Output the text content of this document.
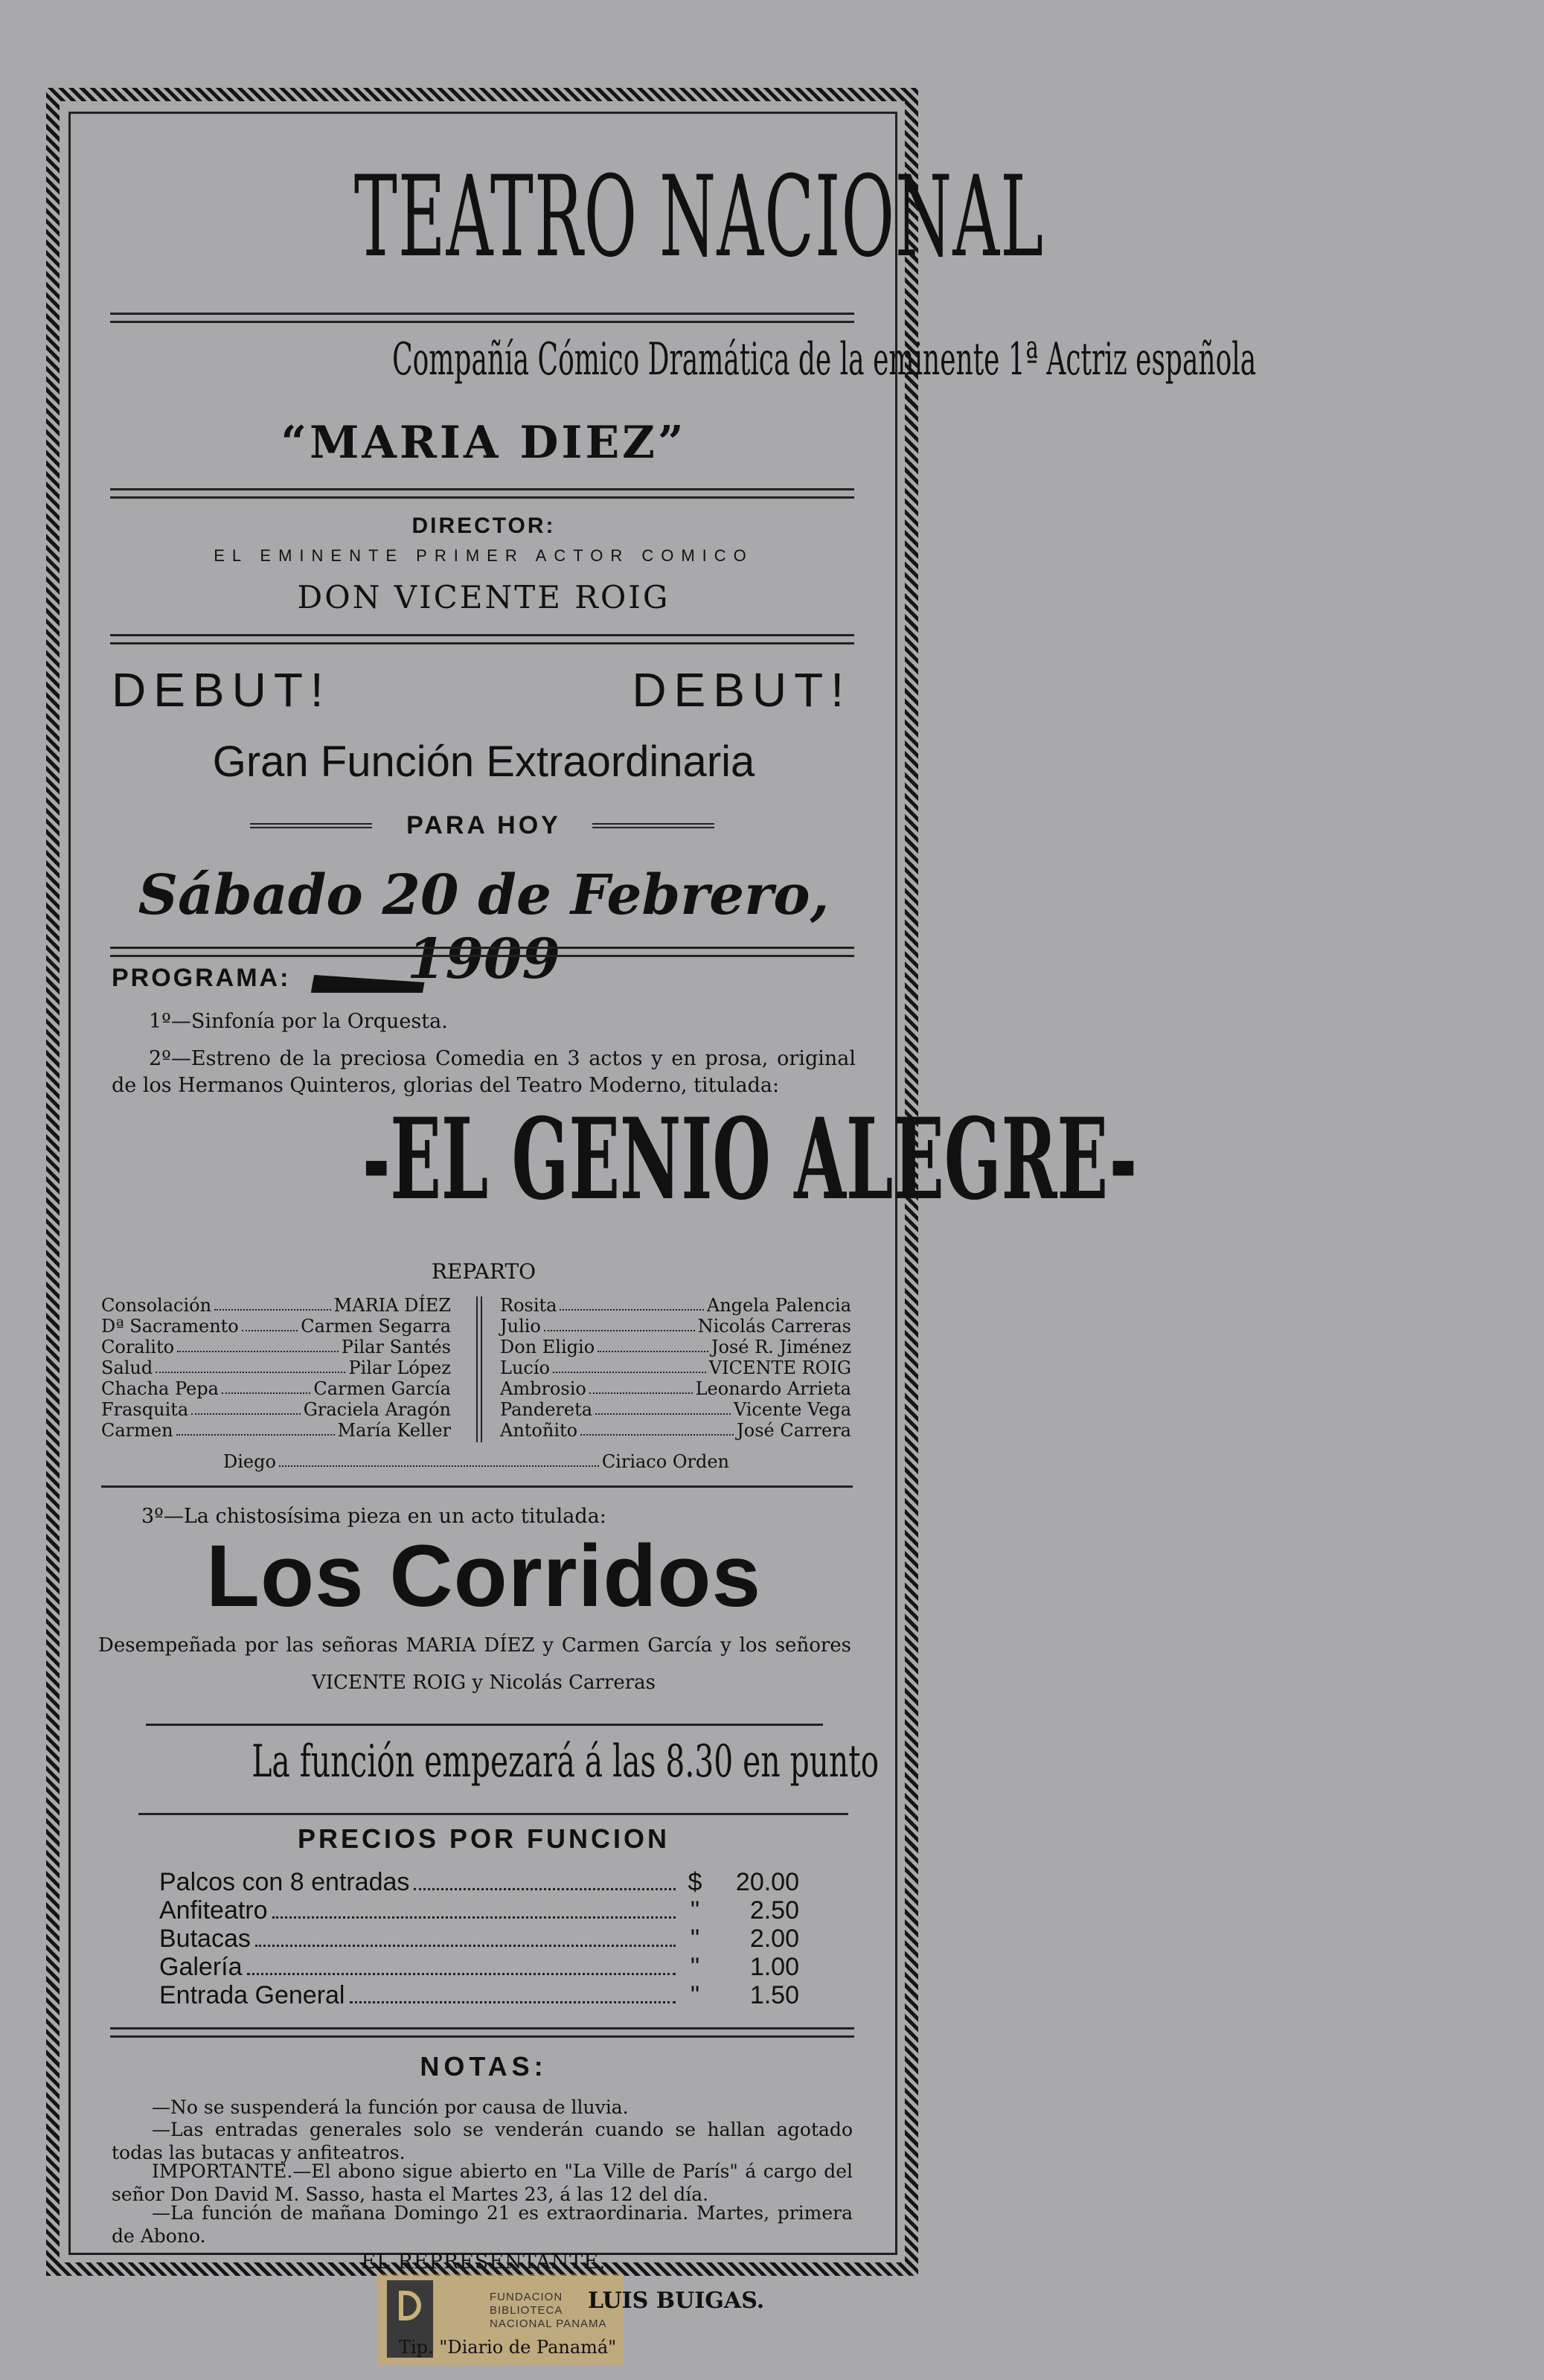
TEATRO NACIONAL
Compañía Cómico Dramática de la eminente 1ª Actriz española
“MARIA DIEZ”
DIRECTOR:
EL EMINENTE PRIMER ACTOR COMICO
DON VICENTE ROIG
DEBUT!	DEBUT!
Gran Función Extraordinaria
PARA HOY
Sábado 20 de Febrero, 1909
PROGRAMA:
1º—Sinfonía por la Orquesta.
2º—Estreno de la preciosa Comedia en 3 actos y en prosa, original de los Hermanos Quinteros, glorias del Teatro Moderno, titulada:
-EL GENIO ALEGRE-
REPARTO
Consolación	MARIA DÍEZ
Dª Sacramento	Carmen Segarra
Coralito	Pilar Santés
Salud	Pilar López
Chacha Pepa	Carmen García
Frasquita	Graciela Aragón
Carmen	María Keller
Rosita	Angela Palencia
Julio	Nicolás Carreras
Don Eligio	José R. Jiménez
Lucío	VICENTE ROIG
Ambrosio	Leonardo Arrieta
Pandereta	Vicente Vega
Antoñito	José Carrera
Diego	Ciriaco Orden
3º—La chistosísima pieza en un acto titulada:
Los Corridos
Desempeñada por las señoras MARIA DÍEZ y Carmen García y los señores
VICENTE ROIG y Nicolás Carreras
La función empezará á las 8.30 en punto
PRECIOS POR FUNCION
Palcos con 8 entradas	$	20.00
Anfiteatro	"	2.50
Butacas	"	2.00
Galería	"	1.00
Entrada General	"	1.50
NOTAS:
—No se suspenderá la función por causa de lluvia.
—Las entradas generales solo se venderán cuando se hallan agotado todas las butacas y anfiteatros.
IMPORTANTE.—El abono sigue abierto en "La Ville de París" á cargo del señor Don David M. Sasso, hasta el Martes 23, á las 12 del día.
—La función de mañana Domingo 21 es extraordinaria. Martes, primera de Abono.
EL REPRESENTANTE,
FUNDACION BIBLIOTECA NACIONAL PANAMA
LUIS BUIGAS.
Tip. "Diario de Panamá"
